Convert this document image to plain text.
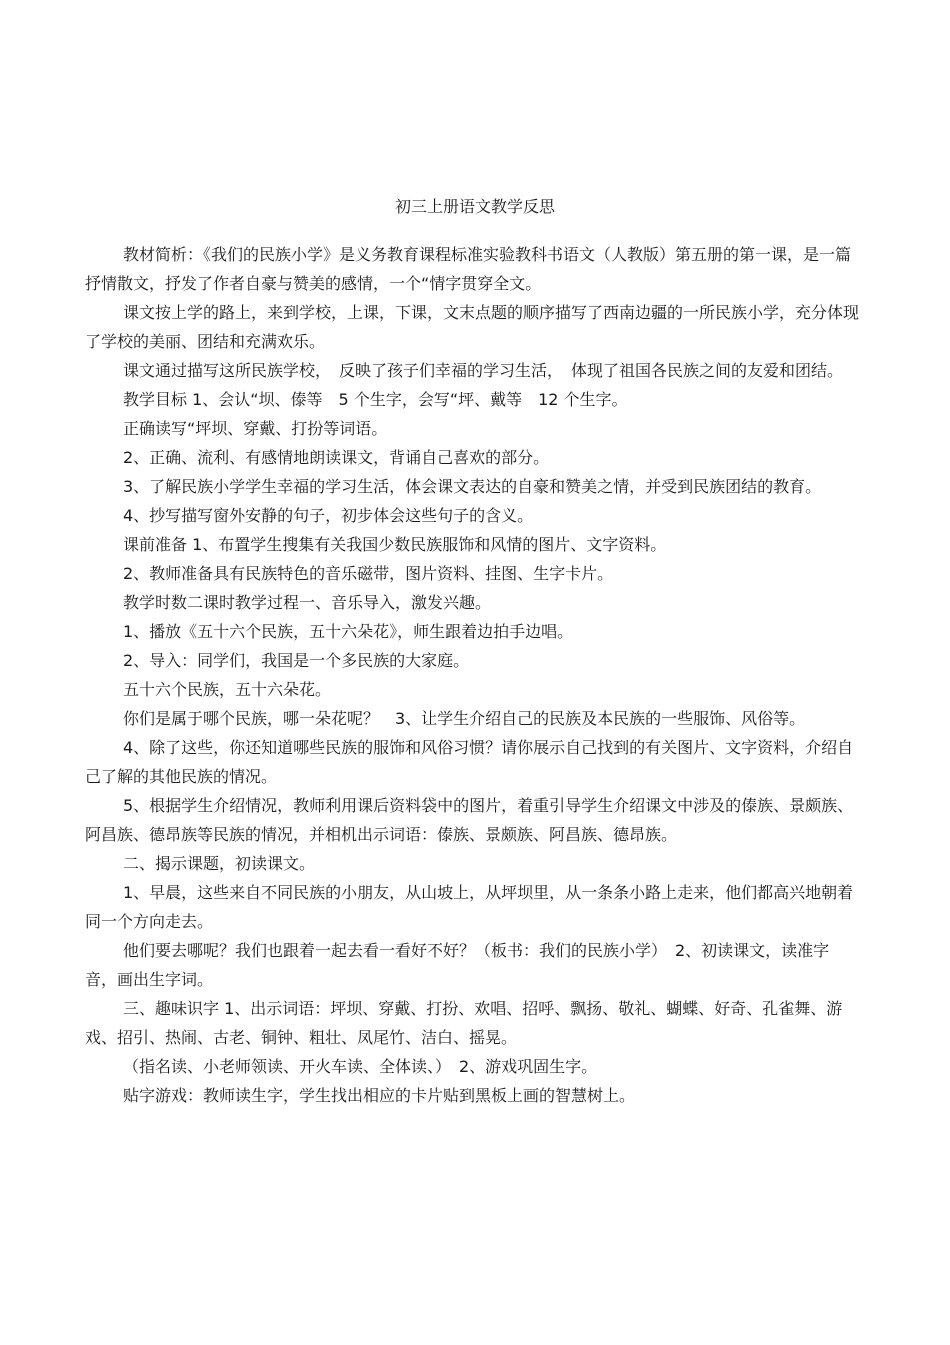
初三上册语文教学反思

教材简析：《我们的民族小学》是义务教育课程标准实验教科书语文（人教版）第五册的第一课，是一篇抒情散文，抒发了作者自豪与赞美的感情，一个“情字贯穿全文。

课文按上学的路上，来到学校，上课，下课，文末点题的顺序描写了西南边疆的一所民族小学，充分体现了学校的美丽、团结和充满欢乐。

课文通过描写这所民族学校，　反映了孩子们幸福的学习生活，　体现了祖国各民族之间的友爱和团结。

教学目标 1、会认“坝、傣等　5 个生字，会写“坪、戴等　12 个生字。

正确读写“坪坝、穿戴、打扮等词语。

2、正确、流利、有感情地朗读课文，背诵自己喜欢的部分。

3、了解民族小学学生幸福的学习生活，体会课文表达的自豪和赞美之情，并受到民族团结的教育。

4、抄写描写窗外安静的句子，初步体会这些句子的含义。

课前准备 1、布置学生搜集有关我国少数民族服饰和风情的图片、文字资料。

2、教师准备具有民族特色的音乐磁带，图片资料、挂图、生字卡片。

教学时数二课时教学过程一、音乐导入，激发兴趣。

1、播放《五十六个民族，五十六朵花》，师生跟着边拍手边唱。

2、导入：同学们，我国是一个多民族的大家庭。

五十六个民族，五十六朵花。

你们是属于哪个民族，哪一朵花呢？　3、让学生介绍自己的民族及本民族的一些服饰、风俗等。

4、除了这些，你还知道哪些民族的服饰和风俗习惯？请你展示自己找到的有关图片、文字资料，介绍自己了解的其他民族的情况。

5、根据学生介绍情况，教师利用课后资料袋中的图片，着重引导学生介绍课文中涉及的傣族、景颇族、阿昌族、德昂族等民族的情况，并相机出示词语：傣族、景颇族、阿昌族、德昂族。

二、揭示课题，初读课文。

1、早晨，这些来自不同民族的小朋友，从山坡上，从坪坝里，从一条条小路上走来，他们都高兴地朝着同一个方向走去。

他们要去哪呢？我们也跟着一起去看一看好不好？（板书：我们的民族小学）　2、初读课文，读准字音，画出生字词。

三、趣味识字 1、出示词语：坪坝、穿戴、打扮、欢唱、招呼、飘扬、敬礼、蝴蝶、好奇、孔雀舞、游戏、招引、热闹、古老、铜钟、粗壮、凤尾竹、洁白、摇晃。

（指名读、小老师领读、开火车读、全体读、）　2、游戏巩固生字。

贴字游戏：教师读生字，学生找出相应的卡片贴到黑板上画的智慧树上。
